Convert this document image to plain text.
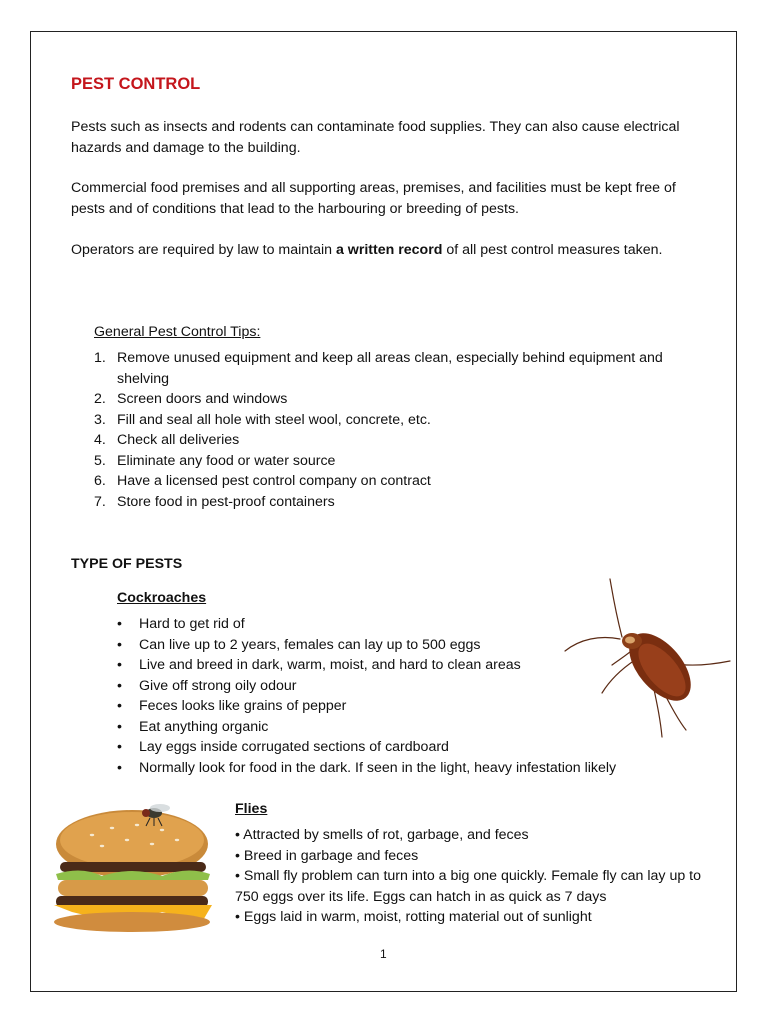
PEST CONTROL
Pests such as insects and rodents can contaminate food supplies. They can also cause electrical hazards and damage to the building.
Commercial food premises and all supporting areas, premises, and facilities must be kept free of pests and of conditions that lead to the harbouring or breeding of pests.
Operators are required by law to maintain a written record of all pest control measures taken.
General Pest Control Tips:
1. Remove unused equipment and keep all areas clean, especially behind equipment and shelving
2. Screen doors and windows
3. Fill and seal all hole with steel wool, concrete, etc.
4. Check all deliveries
5. Eliminate any food or water source
6. Have a licensed pest control company on contract
7. Store food in pest-proof containers
TYPE OF PESTS
Cockroaches
• Hard to get rid of
• Can live up to 2 years, females can lay up to 500 eggs
• Live and breed in dark, warm, moist, and hard to clean areas
• Give off strong oily odour
• Feces looks like grains of pepper
• Eat anything organic
• Lay eggs inside corrugated sections of cardboard
• Normally look for food in the dark. If seen in the light, heavy infestation likely
Flies
• Attracted by smells of rot, garbage, and feces
• Breed in garbage and feces
• Small fly problem can turn into a big one quickly. Female fly can lay up to 750 eggs over its life. Eggs can hatch in as quick as 7 days
• Eggs laid in warm, moist, rotting material out of sunlight
1
